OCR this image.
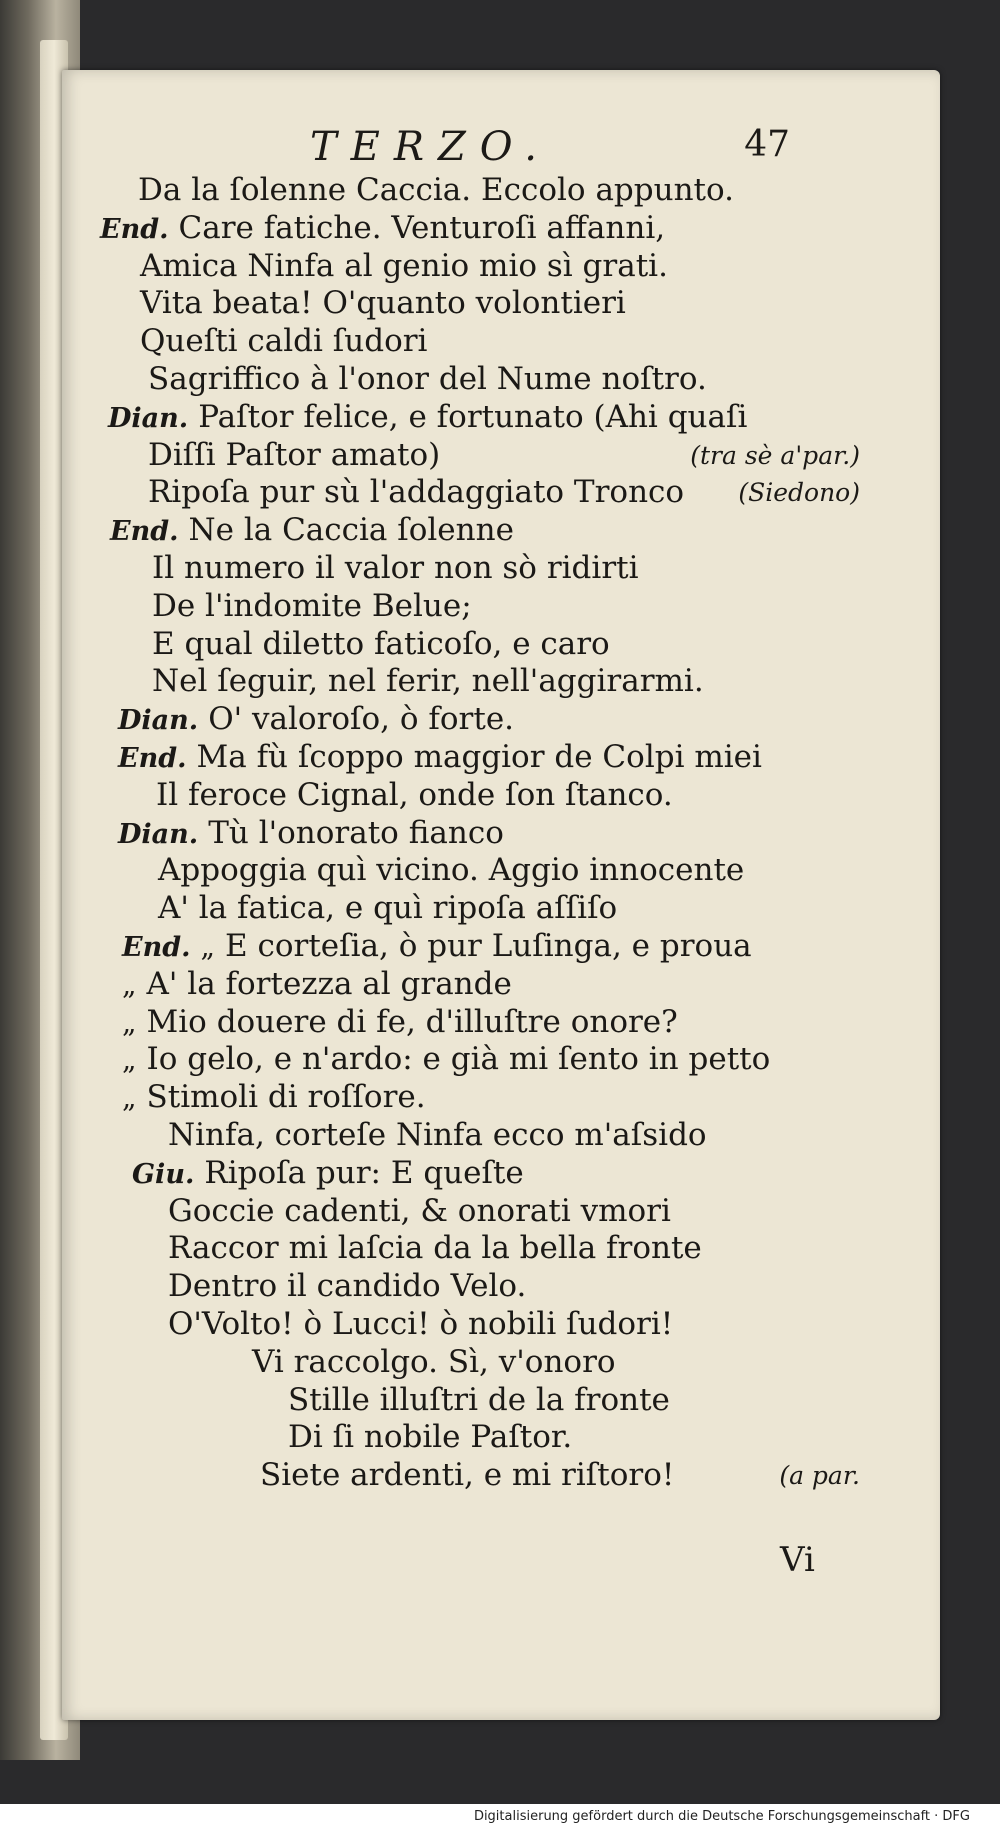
TERZO.	47
Da la ſolenne Caccia. Eccolo appunto.
End. Care fatiche. Venturoſi affanni,
Amica Ninfa al genio mio sì grati.
Vita beata! O'quanto volontieri
Queſti caldi ſudori
Sagriffico à l'onor del Nume noſtro.
Dian. Paſtor felice, e fortunato (Ahi quaſi
Diſſi Paſtor amato)	(tra sè a'par.)
Ripoſa pur sù l'addaggiato Tronco (Siedono)
End. Ne la Caccia ſolenne
Il numero il valor non sò ridirti
De l'indomite Belue;
E qual diletto faticoſo, e caro
Nel ſeguir, nel ferir, nell'aggirarmi.
Dian. O' valoroſo, ò forte.
End. Ma fù ſcoppo maggior de Colpi miei
Il feroce Cignal, onde ſon ſtanco.
Dian. Tù l'onorato fianco
Appoggia quì vicino. Aggio innocente
A' la fatica, e quì ripoſa aſſiſo
End. „ E corteſia, ò pur Luſinga, e proua
„ A' la fortezza al grande
„ Mio douere di fe, d'illuſtre onore?
„ Io gelo, e n'ardo: e già mi ſento in petto
„ Stimoli di roſſore.
Ninfa, corteſe Ninfa ecco m'aſsido
Giu. Ripoſa pur: E queſte
Goccie cadenti, & onorati vmori
Raccor mi laſcia da la bella fronte
Dentro il candido Velo.
O'Volto! ò Lucci! ò nobili ſudori!
Vi raccolgo. Sì, v'onoro
Stille illuſtri de la fronte
Di ſi nobile Paſtor.
Siete ardenti, e mi riſtoro!	(a par.
Vi
Digitalisierung gefördert durch die Deutsche Forschungsgemeinschaft · DFG
